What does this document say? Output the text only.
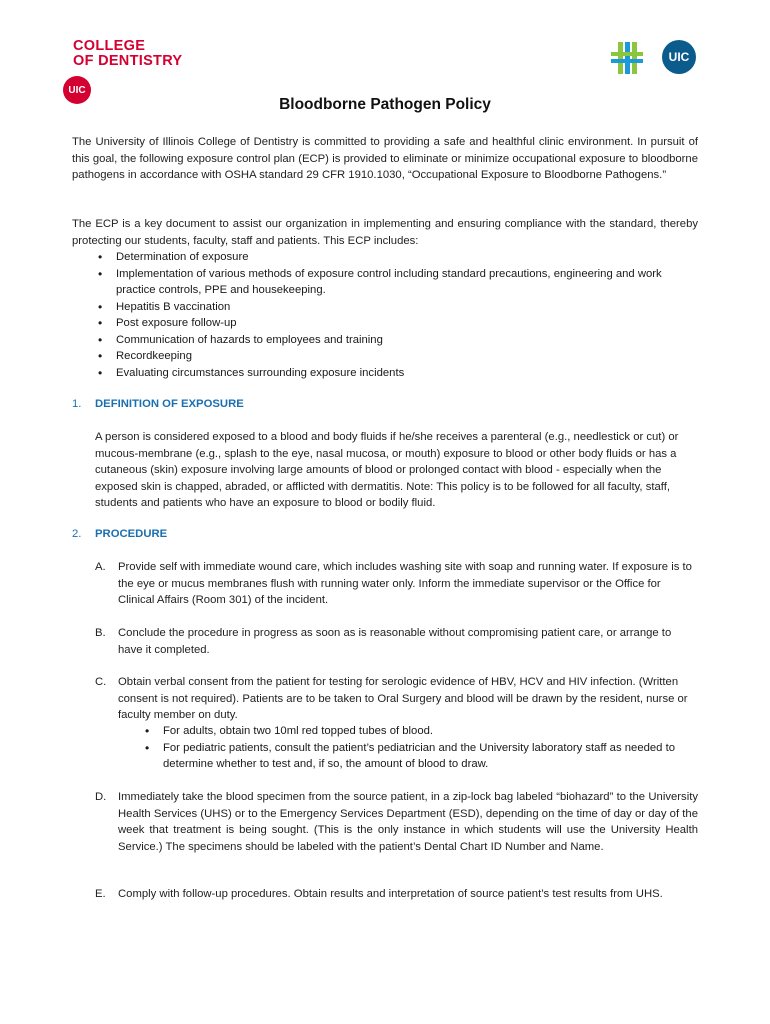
COLLEGE
OF DENTISTRY
UIC
UIC
Bloodborne Pathogen Policy
The University of Illinois College of Dentistry is committed to providing a safe and healthful clinic environment. In pursuit of this goal, the following exposure control plan (ECP) is provided to eliminate or minimize occupational exposure to bloodborne pathogens in accordance with OSHA standard 29 CFR 1910.1030, “Occupational Exposure to Bloodborne Pathogens.”
The ECP is a key document to assist our organization in implementing and ensuring compliance with the standard, thereby protecting our students, faculty, staff and patients. This ECP includes:
• Determination of exposure
• Implementation of various methods of exposure control including standard precautions, engineering and work practice controls, PPE and housekeeping.
• Hepatitis B vaccination
• Post exposure follow-up
• Communication of hazards to employees and training
• Recordkeeping
• Evaluating circumstances surrounding exposure incidents
1. DEFINITION OF EXPOSURE
A person is considered exposed to a blood and body fluids if he/she receives a parenteral (e.g., needlestick or cut) or mucous-membrane (e.g., splash to the eye, nasal mucosa, or mouth) exposure to blood or other body fluids or has a cutaneous (skin) exposure involving large amounts of blood or prolonged contact with blood - especially when the exposed skin is chapped, abraded, or afflicted with dermatitis. Note: This policy is to be followed for all faculty, staff, students and patients who have an exposure to blood or bodily fluid.
2. PROCEDURE
A. Provide self with immediate wound care, which includes washing site with soap and running water. If exposure is to the eye or mucus membranes flush with running water only. Inform the immediate supervisor or the Office for Clinical Affairs (Room 301) of the incident.
B. Conclude the procedure in progress as soon as is reasonable without compromising patient care, or arrange to have it completed.
C. Obtain verbal consent from the patient for testing for serologic evidence of HBV, HCV and HIV infection. (Written consent is not required). Patients are to be taken to Oral Surgery and blood will be drawn by the resident, nurse or faculty member on duty.
• For adults, obtain two 10ml red topped tubes of blood.
• For pediatric patients, consult the patient’s pediatrician and the University laboratory staff as needed to determine whether to test and, if so, the amount of blood to draw.
D. Immediately take the blood specimen from the source patient, in a zip-lock bag labeled “biohazard” to the University Health Services (UHS) or to the Emergency Services Department (ESD), depending on the time of day or day of the week that treatment is being sought. (This is the only instance in which students will use the University Health Service.) The specimens should be labeled with the patient’s Dental Chart ID Number and Name.
E. Comply with follow-up procedures. Obtain results and interpretation of source patient’s test results from UHS.
